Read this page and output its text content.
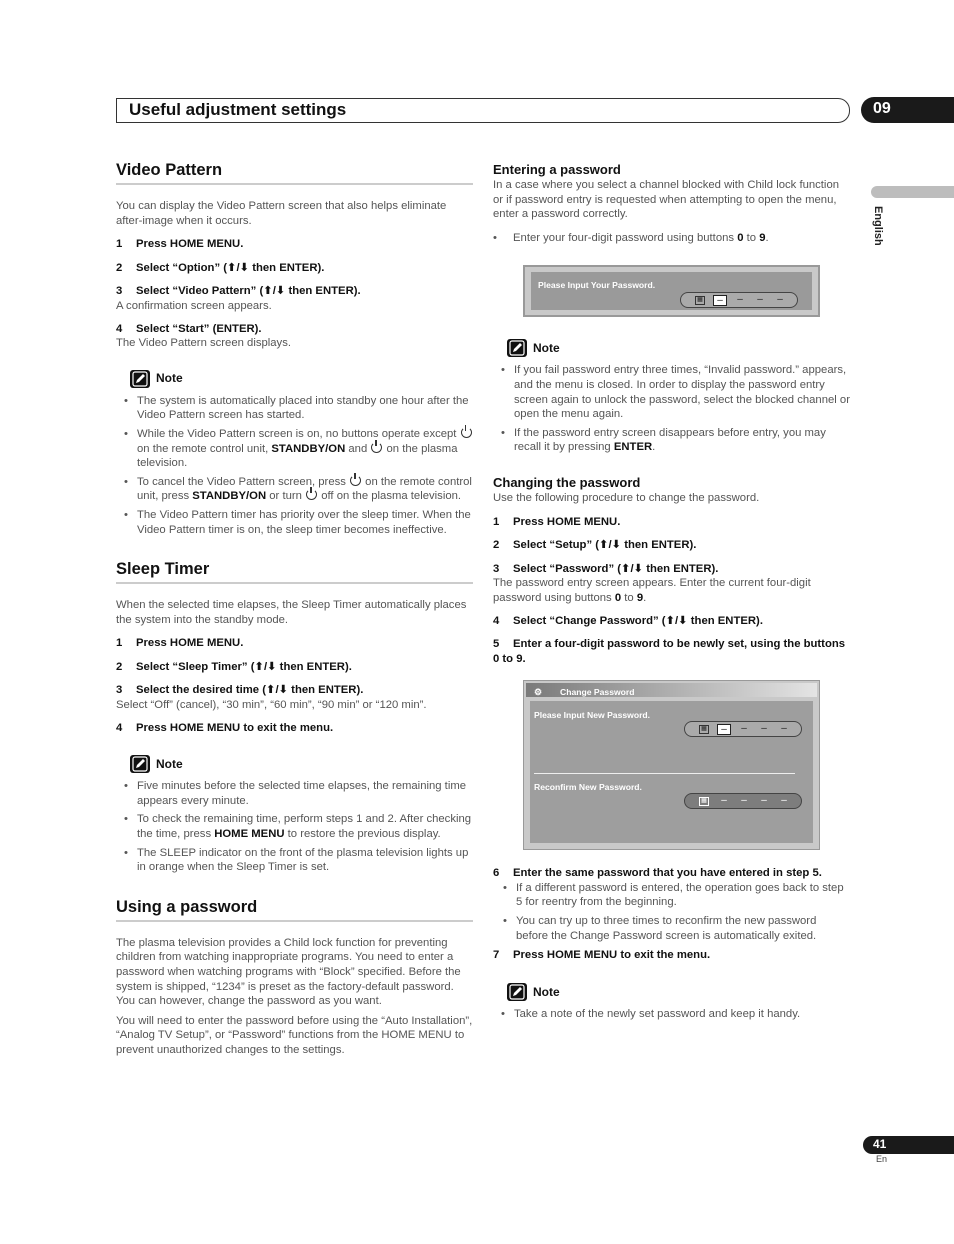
Useful adjustment settings	09
English
Video Pattern

You can display the Video Pattern screen that also helps eliminate after-image when it occurs.

1 Press HOME MENU.
2 Select “Option” (⬆/⬇ then ENTER).
3 Select “Video Pattern” (⬆/⬇ then ENTER).
A confirmation screen appears.
4 Select “Start” (ENTER).
The Video Pattern screen displays.
Note
• The system is automatically placed into standby one hour after the Video Pattern screen has started.
• While the Video Pattern screen is on, no buttons operate except  on the remote control unit, STANDBY/ON and  on the plasma television.
• To cancel the Video Pattern screen, press  on the remote control unit, press STANDBY/ON or turn  off on the plasma television.
• The Video Pattern timer has priority over the sleep timer. When the Video Pattern timer is on, the sleep timer becomes ineffective.
Sleep Timer

When the selected time elapses, the Sleep Timer automatically places the system into the standby mode.

1 Press HOME MENU.
2 Select “Sleep Timer” (⬆/⬇ then ENTER).
3 Select the desired time (⬆/⬇ then ENTER).
Select “Off” (cancel), “30 min”, “60 min”, “90 min” or “120 min”.
4 Press HOME MENU to exit the menu.
Note
• Five minutes before the selected time elapses, the remaining time appears every minute.
• To check the remaining time, perform steps 1 and 2. After checking the time, press HOME MENU to restore the previous display.
• The SLEEP indicator on the front of the plasma television lights up in orange when the Sleep Timer is set.
Using a password

The plasma television provides a Child lock function for preventing children from watching inappropriate programs. You need to enter a password when watching programs with “Block” specified. Before the system is shipped, “1234” is preset as the factory-default password. You can however, change the password as you want.

You will need to enter the password before using the “Auto Installation”, “Analog TV Setup”, or “Password” functions from the HOME MENU to prevent unauthorized changes to the settings.

Entering a password

In a case where you select a channel blocked with Child lock function or if password entry is requested when attempting to open the menu, enter a password correctly.

• Enter your four-digit password using buttons 0 to 9.
Please Input Your Password.
▦	–	–	–	–
Note
• If you fail password entry three times, “Invalid password.” appears, and the menu is closed. In order to display the password entry screen again to unlock the password, select the blocked channel or open the menu again.
• If the password entry screen disappears before entry, you may recall it by pressing ENTER.
Changing the password

Use the following procedure to change the password.

1 Press HOME MENU.
2 Select “Setup” (⬆/⬇ then ENTER).
3 Select “Password” (⬆/⬇ then ENTER).
The password entry screen appears. Enter the current four-digit password using buttons 0 to 9.
4 Select “Change Password” (⬆/⬇ then ENTER).
5 Enter a four-digit password to be newly set, using the buttons 0 to 9.
⚙ Change Password
Please Input New Password.
▦	–	–	–	–
Reconfirm New Password.
▦	–	–	–	–
6 Enter the same password that you have entered in step 5.
• If a different password is entered, the operation goes back to step 5 for reentry from the beginning.
• You can try up to three times to reconfirm the new password before the Change Password screen is automatically exited.
7 Press HOME MENU to exit the menu.
Note
• Take a note of the newly set password and keep it handy.
41
En
